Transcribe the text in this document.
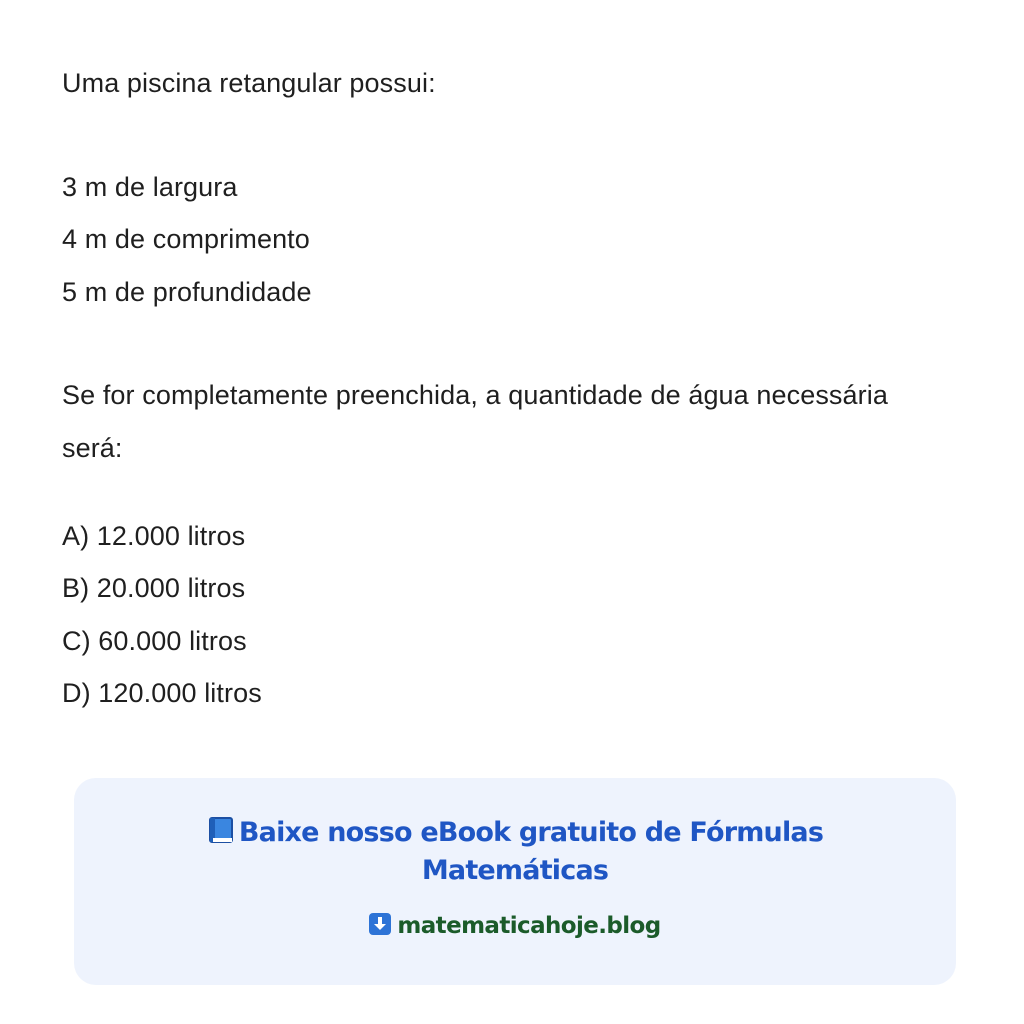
Uma piscina retangular possui:
3 m de largura
4 m de comprimento
5 m de profundidade
Se for completamente preenchida, a quantidade de água necessária
será:
A) 12.000 litros
B) 20.000 litros
C) 60.000 litros
D) 120.000 litros
Baixe nosso eBook gratuito de Fórmulas
Matemáticas
matematicahoje.blog
